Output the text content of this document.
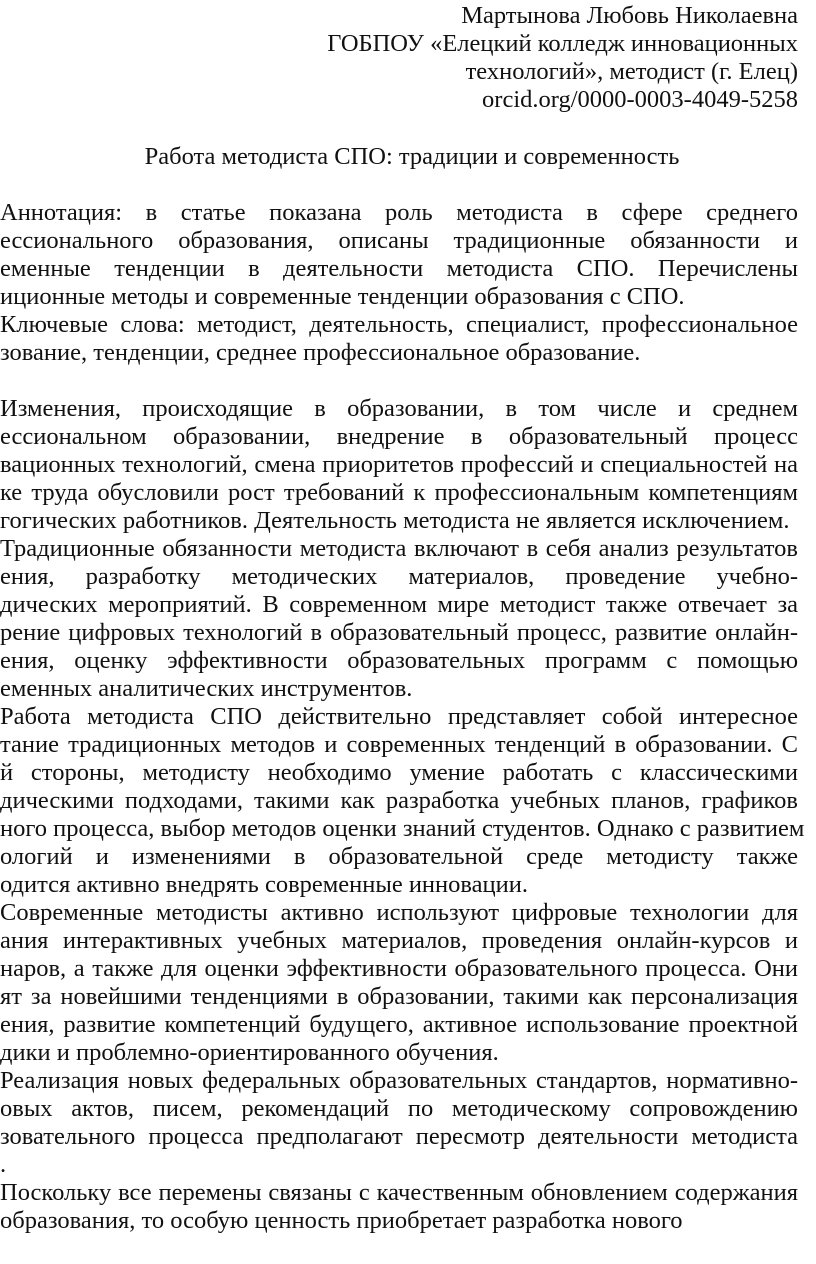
Мартынова Любовь Николаевна
ГОБПОУ «Елецкий колледж инновационных
технологий», методист (г. Елец)
orcid.org/0000-0003-4049-5258
Работа методиста СПО: традиции и современность
Аннотация: в статье показана роль методиста в сфере среднего
ессионального образования, описаны традиционные обязанности и
еменные тенденции в деятельности методиста СПО. Перечислены
иционные методы и современные тенденции образования с СПО.
Ключевые слова: методист, деятельность, специалист, профессиональное
зование, тенденции, среднее профессиональное образование.
Изменения, происходящие в образовании, в том числе и среднем
ессиональном образовании, внедрение в образовательный процесс
вационных технологий, смена приоритетов профессий и специальностей на
ке труда обусловили рост требований к профессиональным компетенциям
гогических работников. Деятельность методиста не является исключением.
Традиционные обязанности методиста включают в себя анализ результатов
ения, разработку методических материалов, проведение учебно-
дических мероприятий. В современном мире методист также отвечает за
рение цифровых технологий в образовательный процесс, развитие онлайн-
ения, оценку эффективности образовательных программ с помощью
еменных аналитических инструментов.
Работа методиста СПО действительно представляет собой интересное
тание традиционных методов и современных тенденций в образовании. С
й стороны, методисту необходимо умение работать с классическими
дическими подходами, такими как разработка учебных планов, графиков
ного процесса, выбор методов оценки знаний студентов. Однако с развитием
ологий и изменениями в образовательной среде методисту также
одится активно внедрять современные инновации.
Современные методисты активно используют цифровые технологии для
ания интерактивных учебных материалов, проведения онлайн-курсов и
наров, а также для оценки эффективности образовательного процесса. Они
ят за новейшими тенденциями в образовании, такими как персонализация
ения, развитие компетенций будущего, активное использование проектной
дики и проблемно-ориентированного обучения.
Реализация новых федеральных образовательных стандартов, нормативно-
овых актов, писем, рекомендаций по методическому сопровождению
зовательного процесса предполагают пересмотр деятельности методиста
.
Поскольку все перемены связаны с качественным обновлением содержания
образования, то особую ценность приобретает разработка нового
